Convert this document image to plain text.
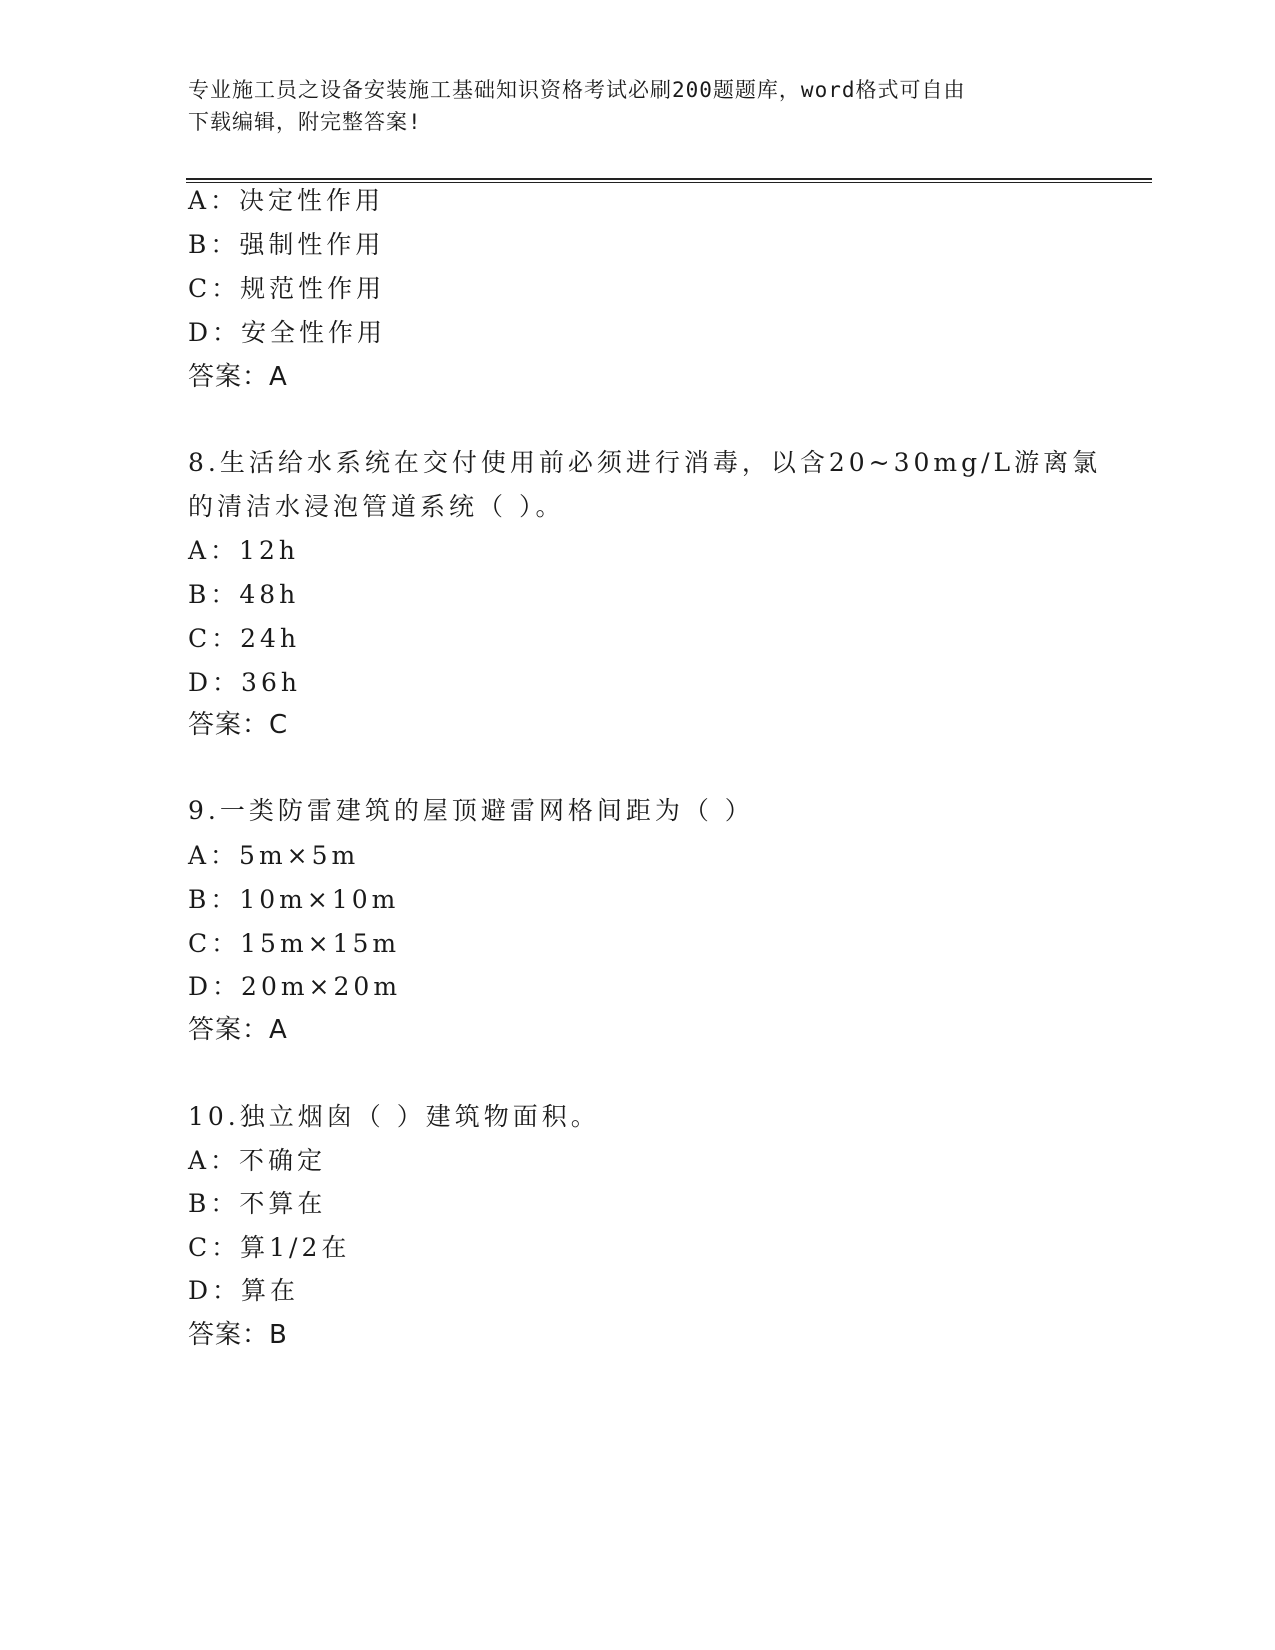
专业施工员之设备安装施工基础知识资格考试必刷200题题库，word格式可自由
下载编辑，附完整答案!
A：决定性作用
B：强制性作用
C：规范性作用
D：安全性作用
答案：A
8.生活给水系统在交付使用前必须进行消毒，以含20~30mg/L游离氯
的清洁水浸泡管道系统（ ）。
A：12h
B：48h
C：24h
D：36h
答案：C
9.一类防雷建筑的屋顶避雷网格间距为（ ）
A：5m×5m
B：10m×10m
C：15m×15m
D：20m×20m
答案：A
10.独立烟囱（ ）建筑物面积。
A：不确定
B：不算在
C：算1/2在
D：算在
答案：B
